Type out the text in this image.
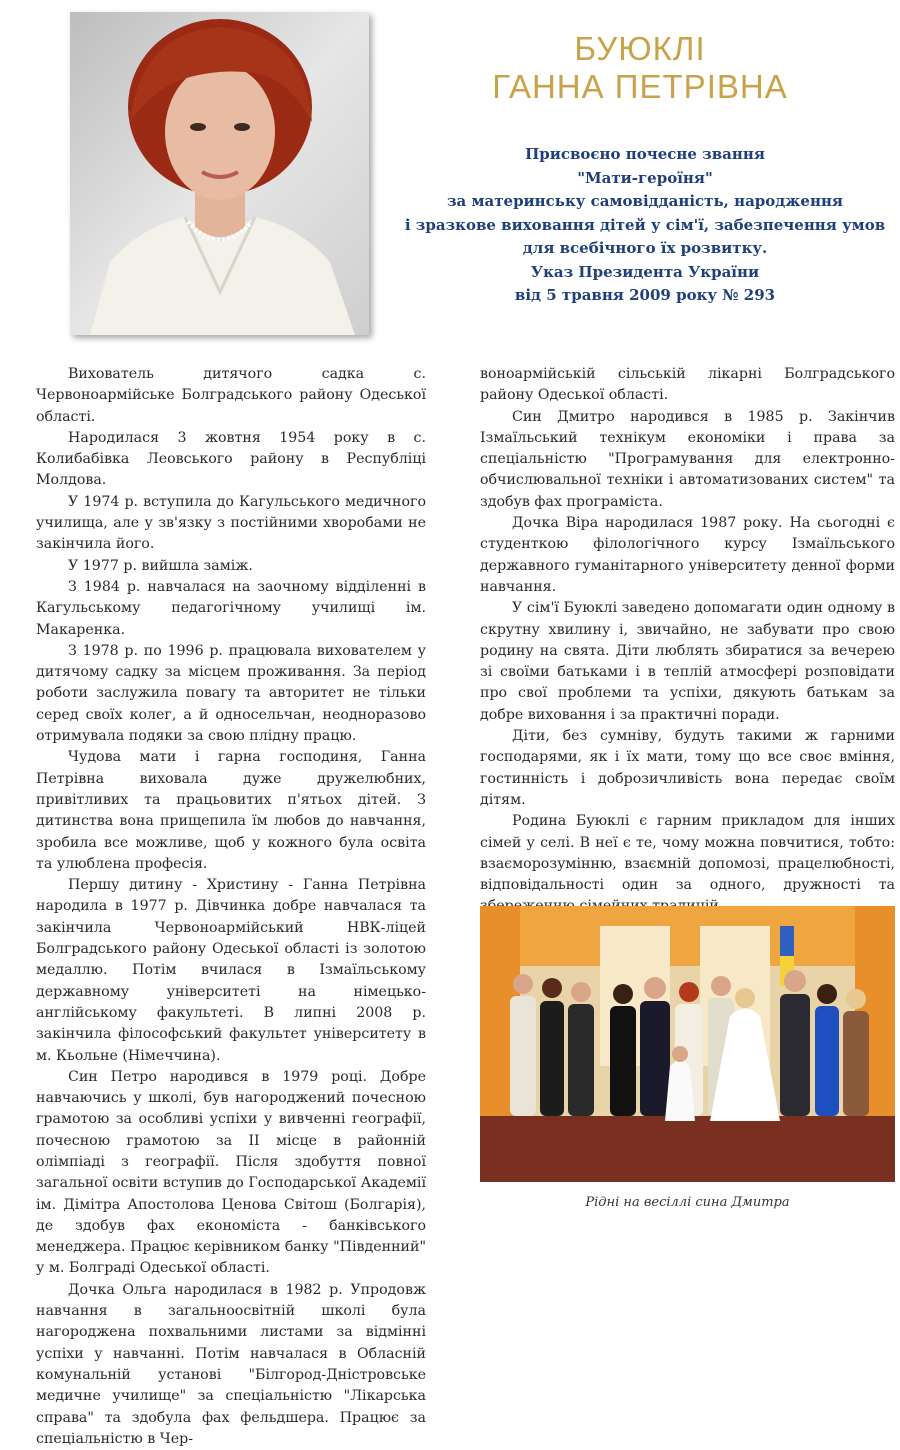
БУЮКЛІ
ГАННА ПЕТРІВНА
Присвоєно почесне звання
"Мати-героїня"
за материнську самовідданість, народження
і зразкове виховання дітей у сім'ї, забезпечення умов
для всебічного їх розвитку.
Указ Президента України
від 5 травня 2009 року № 293

Вихователь дитячого садка с. Червоноармійське Болградського району Одеської області.

Народилася 3 жовтня 1954 року в с. Колибабівка Леовського району в Республіці Молдова.

У 1974 р. вступила до Кагульського медичного училища, але у зв'язку з постійними хворобами не закінчила його.

У 1977 р. вийшла заміж.

З 1984 р. навчалася на заочному відділенні в Кагульському педагогічному училищі ім. Макаренка.

З 1978 р. по 1996 р. працювала вихователем у дитячому садку за місцем проживання. За період роботи заслужила повагу та авторитет не тільки серед своїх колег, а й односельчан, неодноразово отримувала подяки за свою плідну працю.

Чудова мати і гарна господиня, Ганна Петрівна виховала дуже дружелюбних, привітливих та працьовитих п'ятьох дітей. З дитинства вона прищепила їм любов до навчання, зробила все можливе, щоб у кожного була освіта та улюблена професія.

Першу дитину - Христину - Ганна Петрівна народила в 1977 р. Дівчинка добре навчалася та закінчила Червоноармійський НВК-ліцей Болградського району Одеської області із золотою медаллю. Потім вчилася в Ізмаїльському державному університеті на німецько-англійському факультеті. В липні 2008 р. закінчила філософський факультет університету в м. Кьольне (Німеччина).

Син Петро народився в 1979 році. Добре навчаючись у школі, був нагороджений почесною грамотою за особливі успіхи у вивченні географії, почесною грамотою за ІІ місце в районній олімпіаді з географії. Після здобуття повної загальної освіти вступив до Господарської Академії ім. Дімітра Апостолова Ценова Світош (Болгарія), де здобув фах економіста - банківського менеджера. Працює керівником банку "Південний" у м. Болграді Одеської області.

Дочка Ольга народилася в 1982 р. Упродовж навчання в загальноосвітній школі була нагороджена похвальними листами за відмінні успіхи у навчанні. Потім навчалася в Обласній комунальній установі "Білгород-Дністровське медичне училище" за спеціальністю "Лікарська справа" та здобула фах фельдшера. Працює за спеціальністю в Чер-

воноармійській сільській лікарні Болградського району Одеської області.

Син Дмитро народився в 1985 р. Закінчив Ізмаїльський технікум економіки і права за спеціальністю "Програмування для електронно-обчислювальної техніки і автоматизованих систем" та здобув фах програміста.

Дочка Віра народилася 1987 року. На сьогодні є студенткою філологічного курсу Ізмаїльського державного гуманітарного університету денної форми навчання.

У сім'ї Буюклі заведено допомагати один одному в скрутну хвилину і, звичайно, не забувати про свою родину на свята. Діти люблять збиратися за вечерею зі своїми батьками і в теплій атмосфері розповідати про свої проблеми та успіхи, дякують батькам за добре виховання і за практичні поради.

Діти, без сумніву, будуть такими ж гарними господарями, як і їх мати, тому що все своє вміння, гостинність і доброзичливість вона передає своїм дітям.

Родина Буюклі є гарним прикладом для інших сімей у селі. В неї є те, чому можна повчитися, тобто: взаєморозумінню, взаємній допомозі, працелюбності, відповідальності один за одного, дружності та

Рідні на весіллі сина Дмитра
